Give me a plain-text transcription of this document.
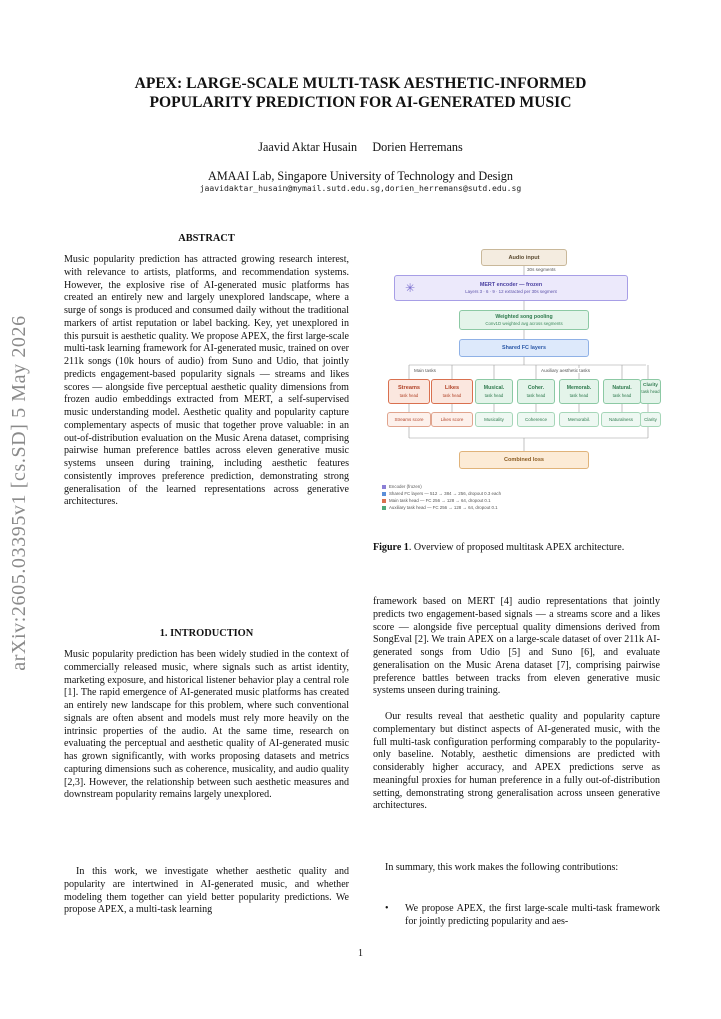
arXiv:2605.03395v1 [cs.SD] 5 May 2026
APEX: LARGE-SCALE MULTI-TASK AESTHETIC-INFORMED
POPULARITY PREDICTION FOR AI-GENERATED MUSIC
Jaavid Aktar Husain     Dorien Herremans
AMAAI Lab, Singapore University of Technology and Design
jaavidaktar_husain@mymail.sutd.edu.sg,dorien_herremans@sutd.edu.sg
ABSTRACT

Music popularity prediction has attracted growing research interest, with relevance to artists, platforms, and recommendation systems. However, the explosive rise of AI-generated music platforms has created an entirely new and largely unexplored landscape, where a surge of songs is produced and consumed daily without the traditional markers of artist reputation or label backing. Key, yet unexplored in this pursuit is aesthetic quality. We propose APEX, the first large-scale multi-task learning framework for AI-generated music, trained on over 211k songs (10k hours of audio) from Suno and Udio, that jointly predicts engagement-based popularity signals — streams and likes scores — alongside five perceptual aesthetic quality dimensions from frozen audio embeddings extracted from MERT, a self-supervised music understanding model. Aesthetic quality and popularity capture complementary aspects of music that together prove valuable: in an out-of-distribution evaluation on the Music Arena dataset, comprising pairwise human preference battles across eleven generative music systems unseen during training, including aesthetic features consistently improves preference prediction, demonstrating strong generalisation of the learned representations across generative architectures.

1. INTRODUCTION

Music popularity prediction has been widely studied in the context of commercially released music, where signals such as artist identity, marketing exposure, and historical listener behavior play a central role [1]. The rapid emergence of AI-generated music platforms has created an entirely new landscape for this problem, where such conventional signals are often absent and models must rely more heavily on the intrinsic properties of the audio. At the same time, research on evaluating the perceptual and aesthetic quality of AI-generated music has grown significantly, with works proposing datasets and metrics capturing dimensions such as coherence, musicality, and audio quality [2,3]. However, the relationship between such aesthetic measures and downstream popularity remains largely unexplored.

In this work, we investigate whether aesthetic quality and popularity are intertwined in AI-generated music, and whether modeling them together can yield better popularity predictions. We propose APEX, a multi-task learning

Audio input
30s segments
✳	MERT encoder — frozen
Layers 3 · 6 · 9 · 12 extracted per 30s segment
Weighted song pooling
Conv1D weighted avg across segments
Shared FC layers
Main tasks	Auxiliary aesthetic tasks
Streams
task head
Likes
task head
Musical.
task head
Coher.
task head
Memorab.
task head
Natural.
task head
Clarity
task head
Streams score	Likes score	Musicality	Coherence	Memorabil.	Naturalness	Clarity
Combined loss
Encoder (frozen)
Shared FC layers — 512 → 384 → 256, dropout 0.3 each
Main task head — FC 256 → 128 → 64, dropout 0.1
Auxiliary task head — FC 256 → 128 → 64, dropout 0.1
Figure 1. Overview of proposed multitask APEX architecture.

framework based on MERT [4] audio representations that jointly predicts two engagement-based signals — a streams score and a likes score — alongside five perceptual quality dimensions derived from SongEval [2]. We train APEX on a large-scale dataset of over 211k AI-generated songs from Udio [5] and Suno [6], and evaluate generalisation on the Music Arena dataset [7], comprising pairwise preference battles between tracks from eleven generative music systems unseen during training.

Our results reveal that aesthetic quality and popularity capture complementary but distinct aspects of AI-generated music, with the full multi-task configuration performing comparably to the popularity-only baseline. Notably, aesthetic dimensions are predicted with considerably higher accuracy, and APEX predictions serve as meaningful proxies for human preference in a fully out-of-distribution setting, demonstrating strong generalisation across unseen generative architectures.

In summary, this work makes the following contributions:

•	We propose APEX, the first large-scale multi-task framework for jointly predicting popularity and aes-
1
